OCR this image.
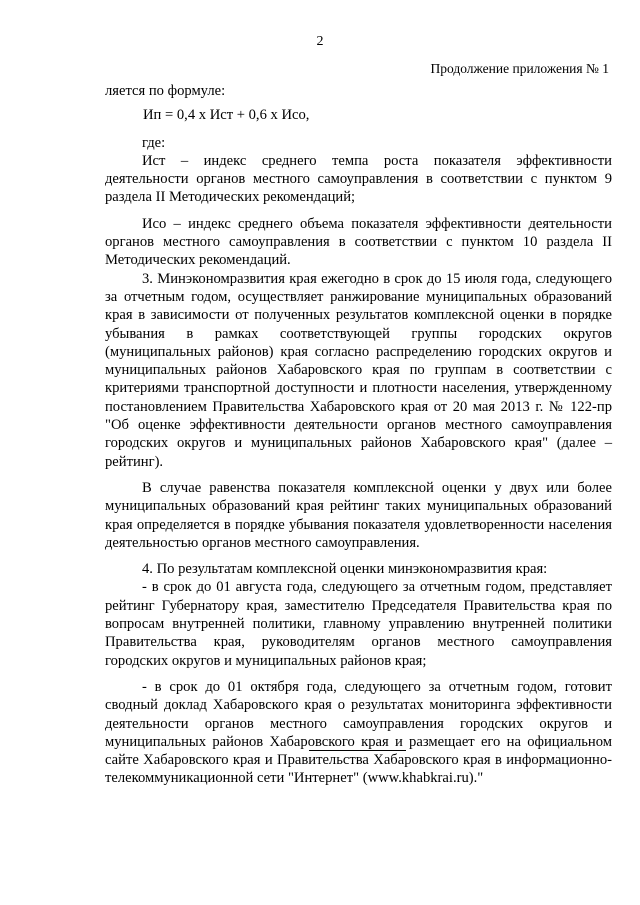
2
Продолжение приложения № 1

ляется по формуле:

Ип = 0,4 х Ист + 0,6 х Исо,

где:

Ист – индекс среднего темпа роста показателя эффективности деятельности органов местного самоуправления в соответствии с пунктом 9 раздела II Методических рекомендаций;

Исо – индекс среднего объема показателя эффективности деятельности органов местного самоуправления в соответствии с пунктом 10 раздела II Методических рекомендаций.

3. Минэкономразвития края ежегодно в срок до 15 июля года, следующего за отчетным годом, осуществляет ранжирование муниципальных образований края в зависимости от полученных результатов комплексной оценки в порядке убывания в рамках соответствующей группы городских округов (муниципальных районов) края согласно распределению городских округов и муниципальных районов Хабаровского края по группам в соответствии с критериями транспортной доступности и плотности населения, утвержденному постановлением Правительства Хабаровского края от 20 мая 2013 г. № 122-пр "Об оценке эффективности деятельности органов местного самоуправления городских округов и муниципальных районов Хабаровского края" (далее – рейтинг).

В случае равенства показателя комплексной оценки у двух или более муниципальных образований края рейтинг таких муниципальных образований края определяется в порядке убывания показателя удовлетворенности населения деятельностью органов местного самоуправления.

4. По результатам комплексной оценки минэкономразвития края:

- в срок до 01 августа года, следующего за отчетным годом, представляет рейтинг Губернатору края, заместителю Председателя Правительства края по вопросам внутренней политики, главному управлению внутренней политики Правительства края, руководителям органов местного самоуправления городских округов и муниципальных районов края;

- в срок до 01 октября года, следующего за отчетным годом, готовит сводный доклад Хабаровского края о результатах мониторинга эффективности деятельности органов местного самоуправления городских округов и муниципальных районов Хабаровского края и размещает его на официальном сайте Хабаровского края и Правительства Хабаровского края в информационно-телекоммуникационной сети "Интернет" (www.khabkrai.ru)."
